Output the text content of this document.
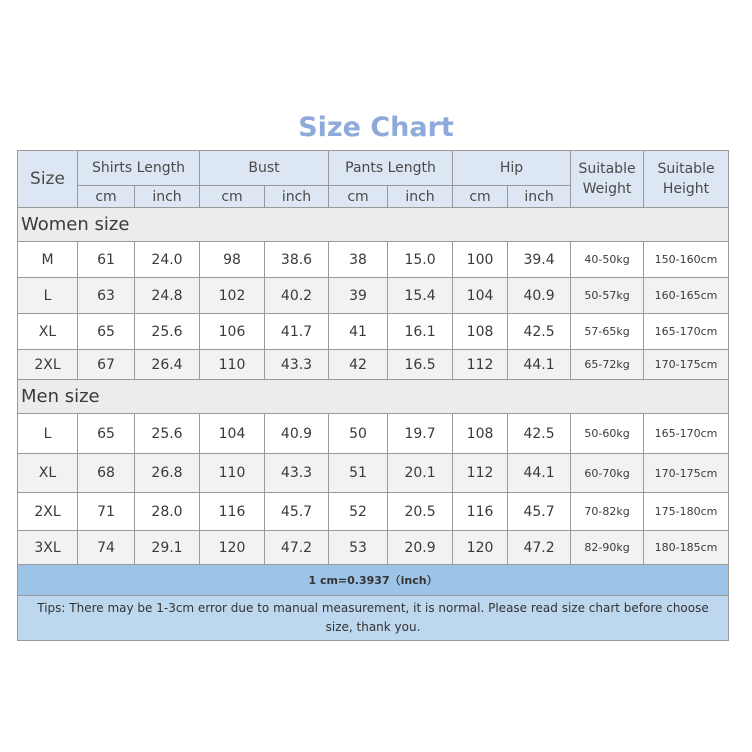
Size Chart
Size	Shirts Length		Bust		Pants Length		Hip		Suitable Weight	Suitable Height
	cm	inch	cm	inch	cm	inch	cm	inch		
Women size										
M	61	24.0	98	38.6	38	15.0	100	39.4	40-50kg	150-160cm
L	63	24.8	102	40.2	39	15.4	104	40.9	50-57kg	160-165cm
XL	65	25.6	106	41.7	41	16.1	108	42.5	57-65kg	165-170cm
2XL	67	26.4	110	43.3	42	16.5	112	44.1	65-72kg	170-175cm
Men size										
L	65	25.6	104	40.9	50	19.7	108	42.5	50-60kg	165-170cm
XL	68	26.8	110	43.3	51	20.1	112	44.1	60-70kg	170-175cm
2XL	71	28.0	116	45.7	52	20.5	116	45.7	70-82kg	175-180cm
3XL	74	29.1	120	47.2	53	20.9	120	47.2	82-90kg	180-185cm
1 cm=0.3937（inch）										
Tips: There may be 1-3cm error due to manual measurement, it is normal. Please read size chart before choose size, thank you.										
